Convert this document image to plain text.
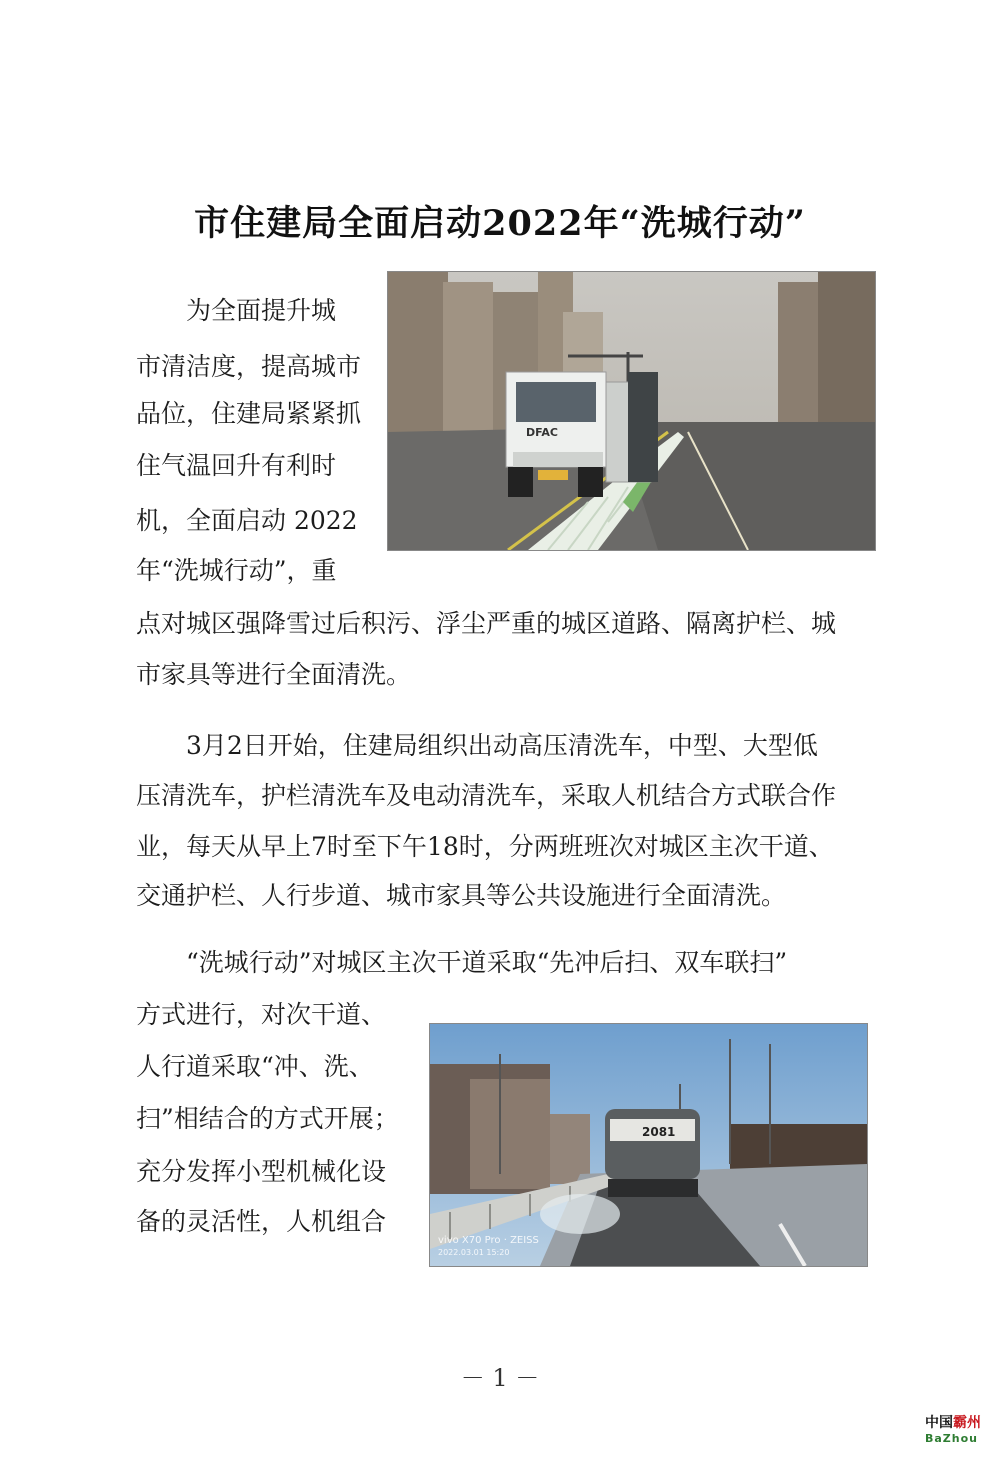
市住建局全面启动2022年“洗城行动”
为全面提升城
市清洁度，提高城市
品位，住建局紧紧抓
住气温回升有利时
机，全面启动 2022
年“洗城行动”，重
点对城区强降雪过后积污、浮尘严重的城区道路、隔离护栏、城
市家具等进行全面清洗。
3月2日开始，住建局组织出动高压清洗车，中型、大型低
压清洗车，护栏清洗车及电动清洗车，采取人机结合方式联合作
业，每天从早上7时至下午18时，分两班班次对城区主次干道、
交通护栏、人行步道、城市家具等公共设施进行全面清洗。
“洗城行动”对城区主次干道采取“先冲后扫、双车联扫”
方式进行，对次干道、
人行道采取“冲、洗、
扫”相结合的方式开展；
充分发挥小型机械化设
备的灵活性，人机组合
DFAC
2081
vivo X70 Pro · ZEISS
2022.03.01 15:20
－ 1 －
中国霸州
BaZhou
